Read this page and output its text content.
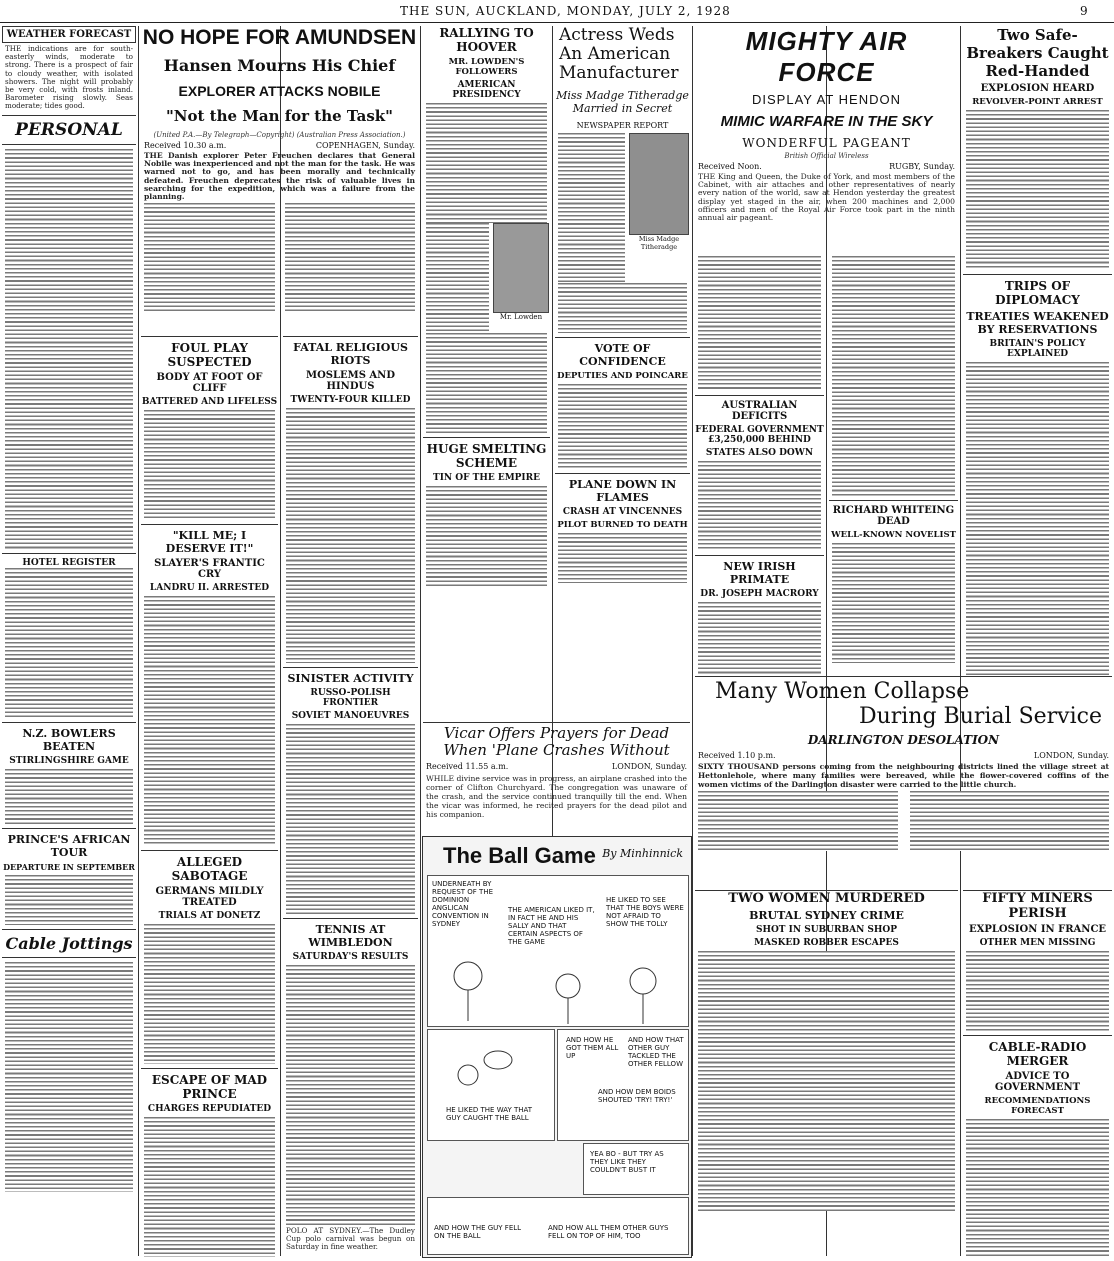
THE SUN, AUCKLAND, MONDAY, JULY 2, 1928	9
WEATHER FORECAST
THE indications are for south-easterly winds, moderate to strong. There is a prospect of fair to cloudy weather, with isolated showers. The night will probably be very cold, with frosts inland. Barometer rising slowly. Seas moderate; tides good.
PERSONAL
HOTEL REGISTER
N.Z. BOWLERS BEATEN
STIRLINGSHIRE GAME
PRINCE'S AFRICAN TOUR
DEPARTURE IN SEPTEMBER
Cable Jottings
NO HOPE FOR AMUNDSEN
Hansen Mourns His Chief
EXPLORER ATTACKS NOBILE
"Not the Man for the Task"
(United P.A.—By Telegraph—Copyright) (Australian Press Association.)
Received 10.30 a.m.	COPENHAGEN, Sunday.
THE Danish explorer Peter Freuchen declares that General Nobile was inexperienced and not the man for the task. He was warned not to go, and has been morally and technically defeated. Freuchen deprecates the risk of valuable lives in searching for the expedition, which was a failure from the planning.
FOUL PLAY SUSPECTED
BODY AT FOOT OF CLIFF
BATTERED AND LIFELESS
"KILL ME; I DESERVE IT!"
SLAYER'S FRANTIC CRY
LANDRU II. ARRESTED
ALLEGED SABOTAGE
GERMANS MILDLY TREATED
TRIALS AT DONETZ
ESCAPE OF MAD PRINCE
CHARGES REPUDIATED
FATAL RELIGIOUS RIOTS
MOSLEMS AND HINDUS
TWENTY-FOUR KILLED
SINISTER ACTIVITY
RUSSO-POLISH FRONTIER
SOVIET MANOEUVRES
TENNIS AT WIMBLEDON
SATURDAY'S RESULTS
POLO AT SYDNEY.—The Dudley Cup polo carnival was begun on Saturday in fine weather.
RALLYING TO HOOVER
MR. LOWDEN'S FOLLOWERS
AMERICAN PRESIDENCY
Mr. Lowden
HUGE SMELTING SCHEME
TIN OF THE EMPIRE
Actress Weds An American Manufacturer
Miss Madge Titheradge Married in Secret
NEWSPAPER REPORT
Miss Madge Titheradge
VOTE OF CONFIDENCE
DEPUTIES AND POINCARE
PLANE DOWN IN FLAMES
CRASH AT VINCENNES
PILOT BURNED TO DEATH
Vicar Offers Prayers for Dead When 'Plane Crashes Without
Received 11.55 a.m.	LONDON, Sunday.
WHILE divine service was in progress, an airplane crashed into the corner of Clifton Churchyard. The congregation was unaware of the crash, and the service continued tranquilly till the end. When the vicar was informed, he recited prayers for the dead pilot and his companion.
The Ball Game By Minhinnick
UNDERNEATH BY REQUEST OF THE DOMINION ANGLICAN CONVENTION IN SYDNEY
THE AMERICAN LIKED IT, IN FACT HE AND HIS SALLY AND THAT CERTAIN ASPECTS OF THE GAME
HE LIKED TO SEE THAT THE BOYS WERE NOT AFRAID TO SHOW THE TOLLY
HE LIKED THE WAY THAT GUY CAUGHT THE BALL
AND HOW HE GOT THEM ALL UP
AND HOW THAT OTHER GUY TACKLED THE OTHER FELLOW
AND HOW DEM BOIDS SHOUTED 'TRY! TRY!'
YEA BO - BUT TRY AS THEY LIKE THEY COULDN'T BUST IT
AND HOW THE GUY FELL ON THE BALL
AND HOW ALL THEM OTHER GUYS FELL ON TOP OF HIM, TOO
MIGHTY AIR FORCE
DISPLAY AT HENDON
MIMIC WARFARE IN THE SKY
WONDERFUL PAGEANT
British Official Wireless
Received Noon.	RUGBY, Sunday.
THE King and Queen, the Duke of York, and most members of the Cabinet, with air attaches and other representatives of nearly every nation of the world, saw at Hendon yesterday the greatest display yet staged in the air, when 200 machines and 2,000 officers and men of the Royal Air Force took part in the ninth annual air pageant.
AUSTRALIAN DEFICITS
FEDERAL GOVERNMENT £3,250,000 BEHIND
STATES ALSO DOWN
NEW IRISH PRIMATE
DR. JOSEPH MACRORY
RICHARD WHITEING DEAD
WELL-KNOWN NOVELIST
Two Safe-Breakers Caught Red-Handed
EXPLOSION HEARD
REVOLVER-POINT ARREST
TRIPS OF DIPLOMACY
TREATIES WEAKENED BY RESERVATIONS
BRITAIN'S POLICY EXPLAINED
Many Women Collapse
During Burial Service
DARLINGTON DESOLATION
Received 1.10 p.m.	LONDON, Sunday.
SIXTY THOUSAND persons coming from the neighbouring districts lined the village street at Hettonlehole, where many families were bereaved, while the flower-covered coffins of the women victims of the Darlington disaster were carried to the little church.
TWO WOMEN MURDERED
BRUTAL SYDNEY CRIME
SHOT IN SUBURBAN SHOP
MASKED ROBBER ESCAPES
FIFTY MINERS PERISH
EXPLOSION IN FRANCE
OTHER MEN MISSING
CABLE-RADIO MERGER
ADVICE TO GOVERNMENT
RECOMMENDATIONS FORECAST
